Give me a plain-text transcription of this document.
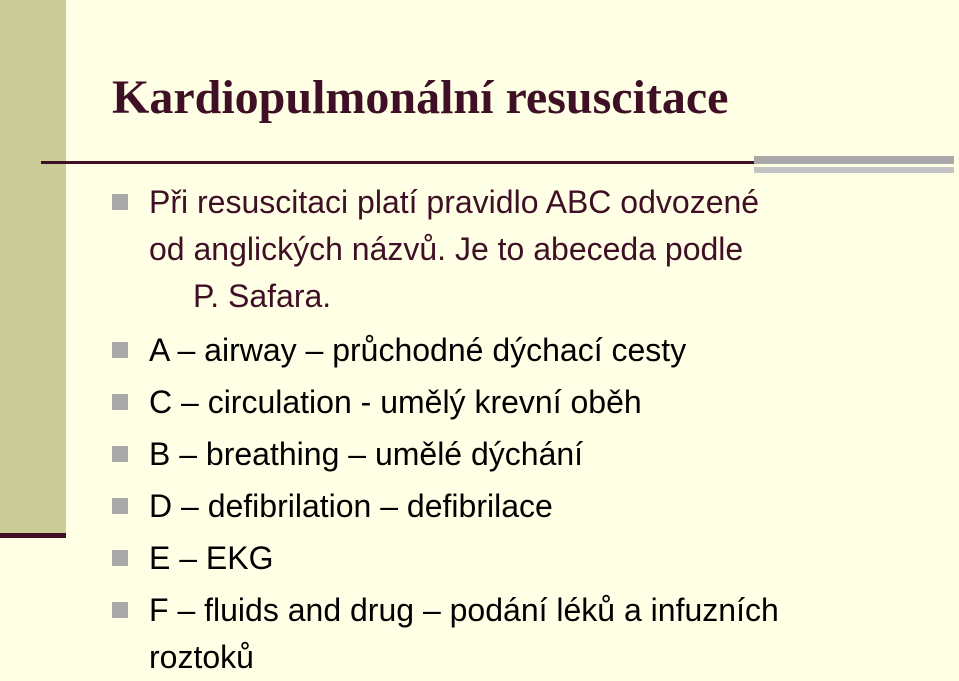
Kardiopulmonální resuscitace
Při resuscitaci platí pravidlo ABC odvozené
od anglických názvů. Je to abeceda podle
P. Safara.
A – airway – průchodné dýchací cesty
C – circulation - umělý krevní oběh
B – breathing – umělé dýchání
D – defibrilation – defibrilace
E – EKG
F – fluids and drug – podání léků a infuzních
roztoků
